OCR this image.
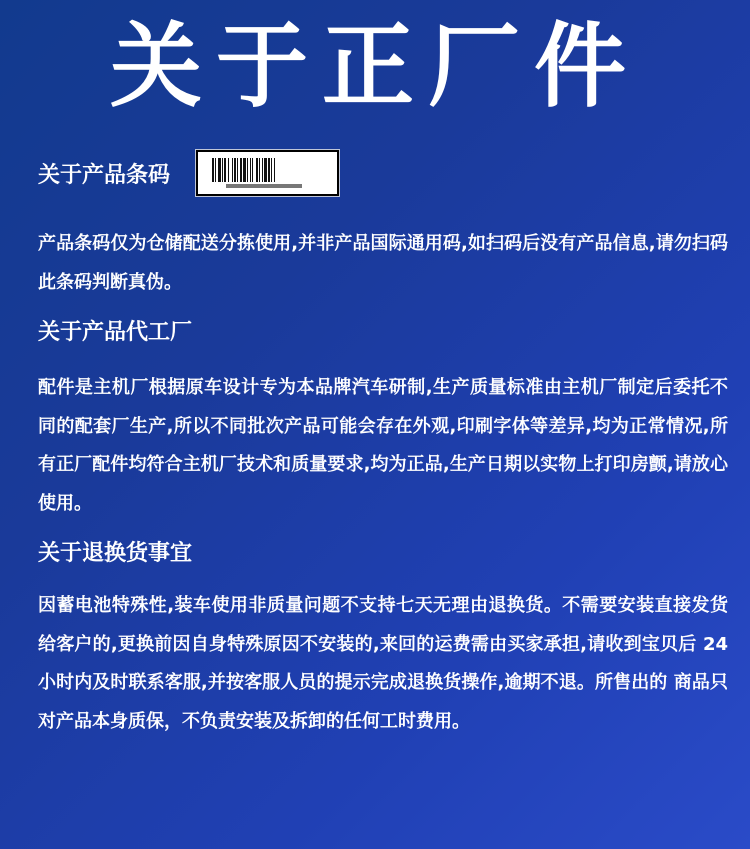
关于正厂件
关于产品条码
产品条码仅为仓储配送分拣使用,并非产品国际通用码,如扫码后没有产品信息,请勿扫码此条码判断真伪。
关于产品代工厂
配件是主机厂根据原车设计专为本品牌汽车研制,生产质量标准由主机厂制定后委托不同的配套厂生产,所以不同批次产品可能会存在外观,印刷字体等差异,均为正常情况,所有正厂配件均符合主机厂技术和质量要求,均为正品,生产日期以实物上打印房颤,请放心使用。
关于退换货事宜
因蓄电池特殊性,装车使用非质量问题不支持七天无理由退换货。不需要安装直接发货 给客户的,更换前因自身特殊原因不安装的,来回的运费需由买家承担,请收到宝贝后 24小时内及时联系客服,并按客服人员的提示完成退换货操作,逾期不退。所售出的 商品只对产品本身质保，不负责安装及拆卸的任何工时费用。
